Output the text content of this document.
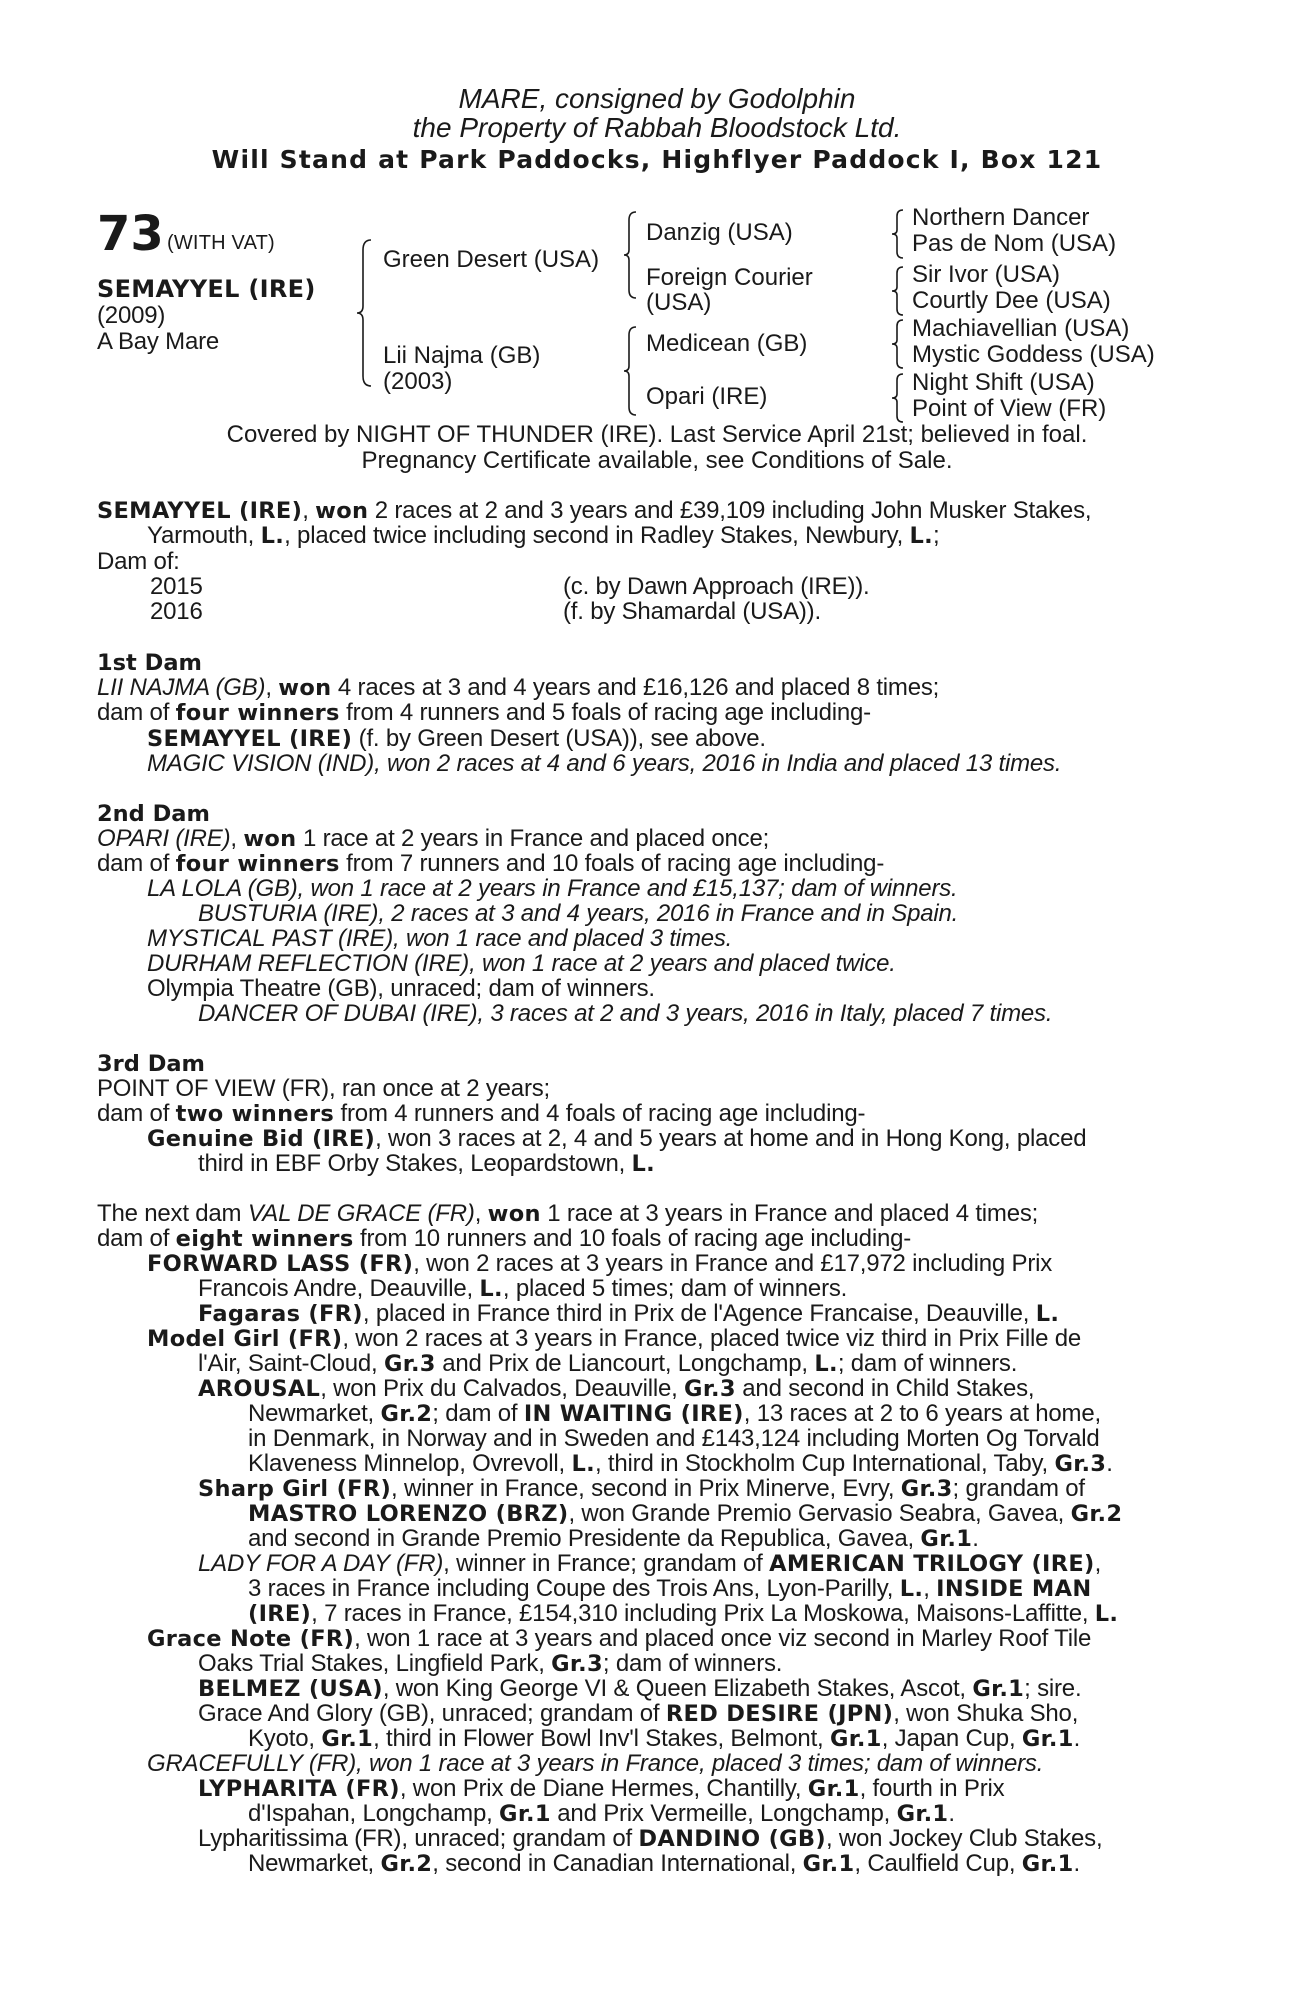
MARE, consigned by Godolphin
the Property of Rabbah Bloodstock Ltd.
Will Stand at Park Paddocks, Highflyer Paddock I, Box 121
73 (WITH VAT)
SEMAYYEL (IRE)
(2009)
A Bay Mare
Green Desert (USA)
Lii Najma (GB)
(2003)
Danzig (USA)
Foreign Courier
(USA)
Medicean (GB)
Opari (IRE)
Northern Dancer
Pas de Nom (USA)
Sir Ivor (USA)
Courtly Dee (USA)
Machiavellian (USA)
Mystic Goddess (USA)
Night Shift (USA)
Point of View (FR)
Covered by NIGHT OF THUNDER (IRE). Last Service April 21st; believed in foal.
Pregnancy Certificate available, see Conditions of Sale.
SEMAYYEL (IRE), won 2 races at 2 and 3 years and £39,109 including John Musker Stakes,
Yarmouth, L., placed twice including second in Radley Stakes, Newbury, L.;
Dam of:
2015	(c. by Dawn Approach (IRE)).
2016	(f. by Shamardal (USA)).
1st Dam
LII NAJMA (GB), won 4 races at 3 and 4 years and £16,126 and placed 8 times;
dam of four winners from 4 runners and 5 foals of racing age including-
SEMAYYEL (IRE) (f. by Green Desert (USA)), see above.
MAGIC VISION (IND), won 2 races at 4 and 6 years, 2016 in India and placed 13 times.
2nd Dam
OPARI (IRE), won 1 race at 2 years in France and placed once;
dam of four winners from 7 runners and 10 foals of racing age including-
LA LOLA (GB), won 1 race at 2 years in France and £15,137; dam of winners.
BUSTURIA (IRE), 2 races at 3 and 4 years, 2016 in France and in Spain.
MYSTICAL PAST (IRE), won 1 race and placed 3 times.
DURHAM REFLECTION (IRE), won 1 race at 2 years and placed twice.
Olympia Theatre (GB), unraced; dam of winners.
DANCER OF DUBAI (IRE), 3 races at 2 and 3 years, 2016 in Italy, placed 7 times.
3rd Dam
POINT OF VIEW (FR), ran once at 2 years;
dam of two winners from 4 runners and 4 foals of racing age including-
Genuine Bid (IRE), won 3 races at 2, 4 and 5 years at home and in Hong Kong, placed
third in EBF Orby Stakes, Leopardstown, L.
The next dam VAL DE GRACE (FR), won 1 race at 3 years in France and placed 4 times;
dam of eight winners from 10 runners and 10 foals of racing age including-
FORWARD LASS (FR), won 2 races at 3 years in France and £17,972 including Prix
Francois Andre, Deauville, L., placed 5 times; dam of winners.
Fagaras (FR), placed in France third in Prix de l'Agence Francaise, Deauville, L.
Model Girl (FR), won 2 races at 3 years in France, placed twice viz third in Prix Fille de
l'Air, Saint-Cloud, Gr.3 and Prix de Liancourt, Longchamp, L.; dam of winners.
AROUSAL, won Prix du Calvados, Deauville, Gr.3 and second in Child Stakes,
Newmarket, Gr.2; dam of IN WAITING (IRE), 13 races at 2 to 6 years at home,
in Denmark, in Norway and in Sweden and £143,124 including Morten Og Torvald
Klaveness Minnelop, Ovrevoll, L., third in Stockholm Cup International, Taby, Gr.3.
Sharp Girl (FR), winner in France, second in Prix Minerve, Evry, Gr.3; grandam of
MASTRO LORENZO (BRZ), won Grande Premio Gervasio Seabra, Gavea, Gr.2
and second in Grande Premio Presidente da Republica, Gavea, Gr.1.
LADY FOR A DAY (FR), winner in France; grandam of AMERICAN TRILOGY (IRE),
3 races in France including Coupe des Trois Ans, Lyon-Parilly, L., INSIDE MAN
(IRE), 7 races in France, £154,310 including Prix La Moskowa, Maisons-Laffitte, L.
Grace Note (FR), won 1 race at 3 years and placed once viz second in Marley Roof Tile
Oaks Trial Stakes, Lingfield Park, Gr.3; dam of winners.
BELMEZ (USA), won King George VI & Queen Elizabeth Stakes, Ascot, Gr.1; sire.
Grace And Glory (GB), unraced; grandam of RED DESIRE (JPN), won Shuka Sho,
Kyoto, Gr.1, third in Flower Bowl Inv'l Stakes, Belmont, Gr.1, Japan Cup, Gr.1.
GRACEFULLY (FR), won 1 race at 3 years in France, placed 3 times; dam of winners.
LYPHARITA (FR), won Prix de Diane Hermes, Chantilly, Gr.1, fourth in Prix
d'Ispahan, Longchamp, Gr.1 and Prix Vermeille, Longchamp, Gr.1.
Lypharitissima (FR), unraced; grandam of DANDINO (GB), won Jockey Club Stakes,
Newmarket, Gr.2, second in Canadian International, Gr.1, Caulfield Cup, Gr.1.
